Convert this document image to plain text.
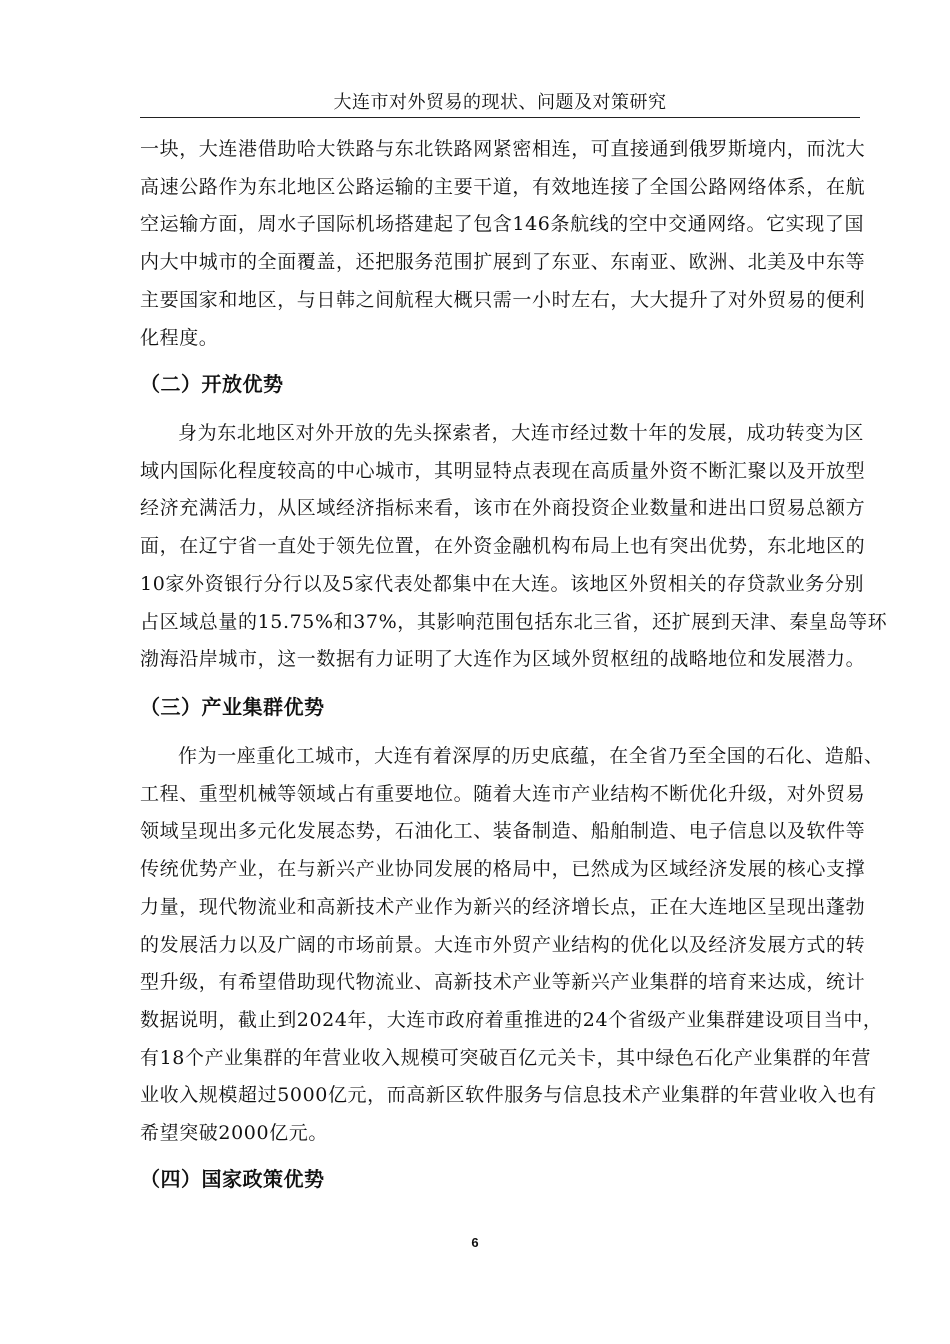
大连市对外贸易的现状、问题及对策研究
一块，大连港借助哈大铁路与东北铁路网紧密相连，可直接通到俄罗斯境内，而沈大
高速公路作为东北地区公路运输的主要干道，有效地连接了全国公路网络体系，在航
空运输方面，周水子国际机场搭建起了包含146条航线的空中交通网络。它实现了国
内大中城市的全面覆盖，还把服务范围扩展到了东亚、东南亚、欧洲、北美及中东等
主要国家和地区，与日韩之间航程大概只需一小时左右，大大提升了对外贸易的便利
化程度。
（二）开放优势
身为东北地区对外开放的先头探索者，大连市经过数十年的发展，成功转变为区
域内国际化程度较高的中心城市，其明显特点表现在高质量外资不断汇聚以及开放型
经济充满活力，从区域经济指标来看，该市在外商投资企业数量和进出口贸易总额方
面，在辽宁省一直处于领先位置，在外资金融机构布局上也有突出优势，东北地区的
10家外资银行分行以及5家代表处都集中在大连。该地区外贸相关的存贷款业务分别
占区域总量的15.75%和37%，其影响范围包括东北三省，还扩展到天津、秦皇岛等环
渤海沿岸城市，这一数据有力证明了大连作为区域外贸枢纽的战略地位和发展潜力。
（三）产业集群优势
作为一座重化工城市，大连有着深厚的历史底蕴，在全省乃至全国的石化、造船、
工程、重型机械等领域占有重要地位。随着大连市产业结构不断优化升级，对外贸易
领域呈现出多元化发展态势，石油化工、装备制造、船舶制造、电子信息以及软件等
传统优势产业，在与新兴产业协同发展的格局中，已然成为区域经济发展的核心支撑
力量，现代物流业和高新技术产业作为新兴的经济增长点，正在大连地区呈现出蓬勃
的发展活力以及广阔的市场前景。大连市外贸产业结构的优化以及经济发展方式的转
型升级，有希望借助现代物流业、高新技术产业等新兴产业集群的培育来达成，统计
数据说明，截止到2024年，大连市政府着重推进的24个省级产业集群建设项目当中，
有18个产业集群的年营业收入规模可突破百亿元关卡，其中绿色石化产业集群的年营
业收入规模超过5000亿元，而高新区软件服务与信息技术产业集群的年营业收入也有
希望突破2000亿元。
（四）国家政策优势
6
